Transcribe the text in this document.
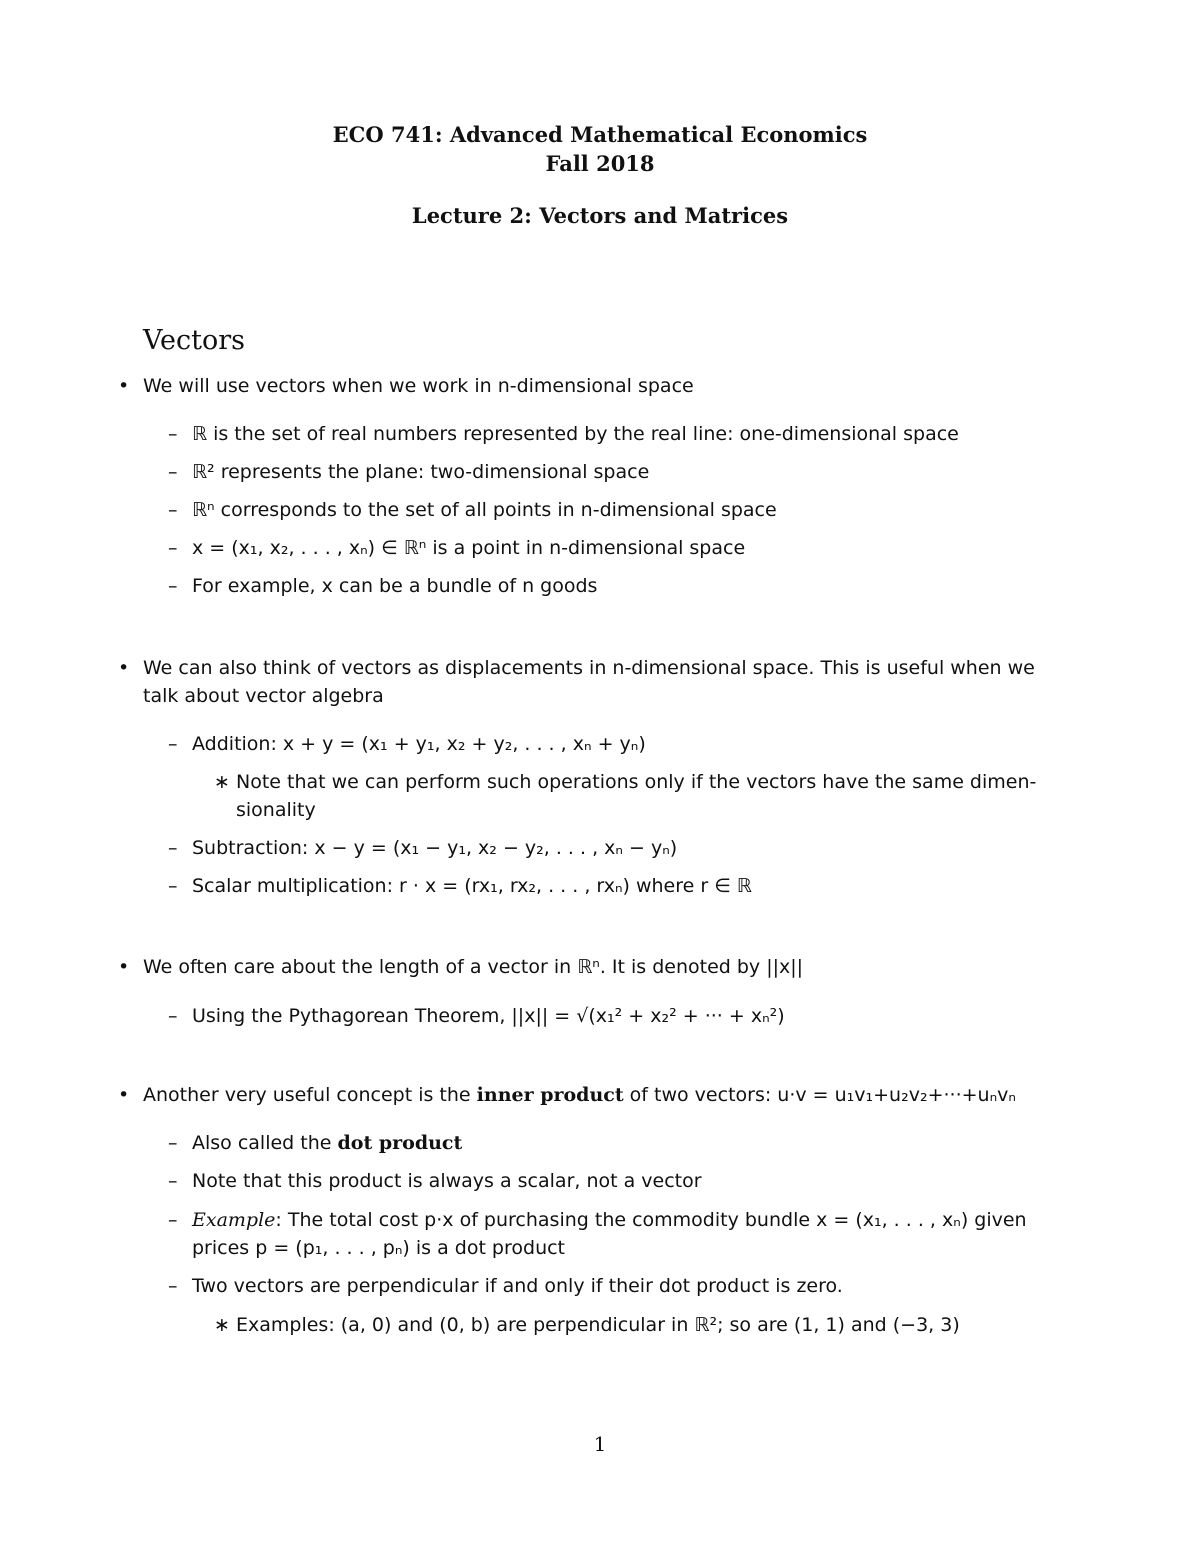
ECO 741: Advanced Mathematical Economics
Fall 2018
Lecture 2: Vectors and Matrices
Vectors
• We will use vectors when we work in n-dimensional space
– ℝ is the set of real numbers represented by the real line: one-dimensional space
– ℝ² represents the plane: two-dimensional space
– ℝⁿ corresponds to the set of all points in n-dimensional space
– x = (x₁, x₂, . . . , xₙ) ∈ ℝⁿ is a point in n-dimensional space
– For example, x can be a bundle of n goods
• We can also think of vectors as displacements in n-dimensional space. This is useful when we
talk about vector algebra
– Addition: x + y = (x₁ + y₁, x₂ + y₂, . . . , xₙ + yₙ)
∗ Note that we can perform such operations only if the vectors have the same dimen-
sionality
– Subtraction: x − y = (x₁ − y₁, x₂ − y₂, . . . , xₙ − yₙ)
– Scalar multiplication: r · x = (rx₁, rx₂, . . . , rxₙ) where r ∈ ℝ
• We often care about the length of a vector in ℝⁿ. It is denoted by ||x||
– Using the Pythagorean Theorem, ||x|| = √(x₁² + x₂² + ··· + xₙ²)
• Another very useful concept is the inner product of two vectors: u·v = u₁v₁+u₂v₂+···+uₙvₙ
– Also called the dot product
– Note that this product is always a scalar, not a vector
– Example: The total cost p·x of purchasing the commodity bundle x = (x₁, . . . , xₙ) given
prices p = (p₁, . . . , pₙ) is a dot product
– Two vectors are perpendicular if and only if their dot product is zero.
∗ Examples: (a, 0) and (0, b) are perpendicular in ℝ²; so are (1, 1) and (−3, 3)
1
